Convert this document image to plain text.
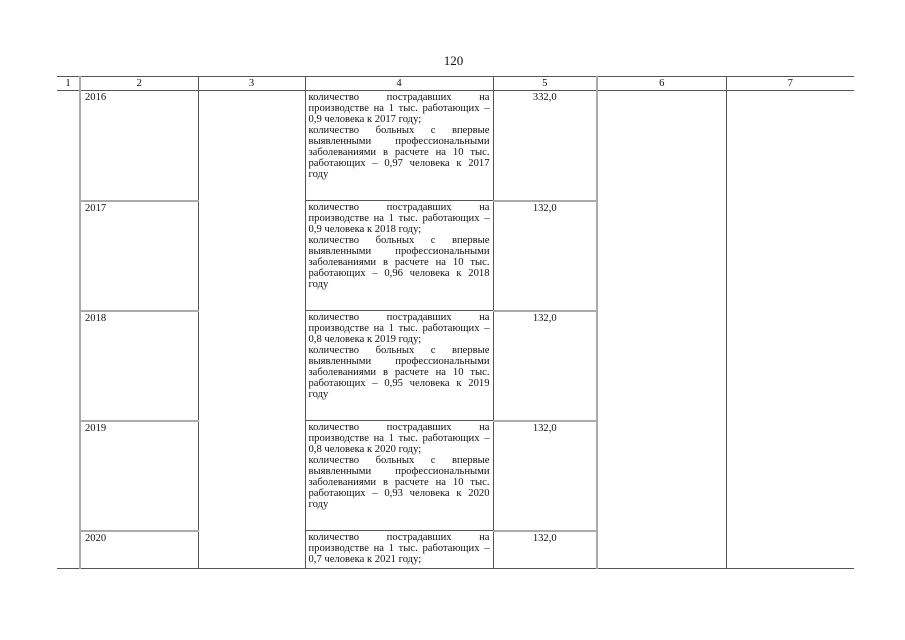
120
1	2	3	4	5	6	7
	2016		количество пострадавших на производстве на 1 тыс. работающих – 0,9 человека к 2017 году;

количество больных с впервые выявленными профессиональными заболеваниями в расчете на 10 тыс. работающих – 0,97 человека к 2017 году	332,0		
	2017		количество пострадавших на производстве на 1 тыс. работающих – 0,9 человека к 2018 году;

количество больных с впервые выявленными профессиональными заболеваниями в расчете на 10 тыс. работающих – 0,96 человека к 2018 году	132,0		
	2018		количество пострадавших на производстве на 1 тыс. работающих – 0,8 человека к 2019 году;

количество больных с впервые выявленными профессиональными заболеваниями в расчете на 10 тыс. работающих – 0,95 человека к 2019 году	132,0		
	2019		количество пострадавших на производстве на 1 тыс. работающих – 0,8 человека к 2020 году;

количество больных с впервые выявленными профессиональными заболеваниями в расчете на 10 тыс. работающих – 0,93 человека к 2020 году	132,0		
	2020		количество пострадавших на производстве на 1 тыс. работающих – 0,7 человека к 2021 году;	132,0		
